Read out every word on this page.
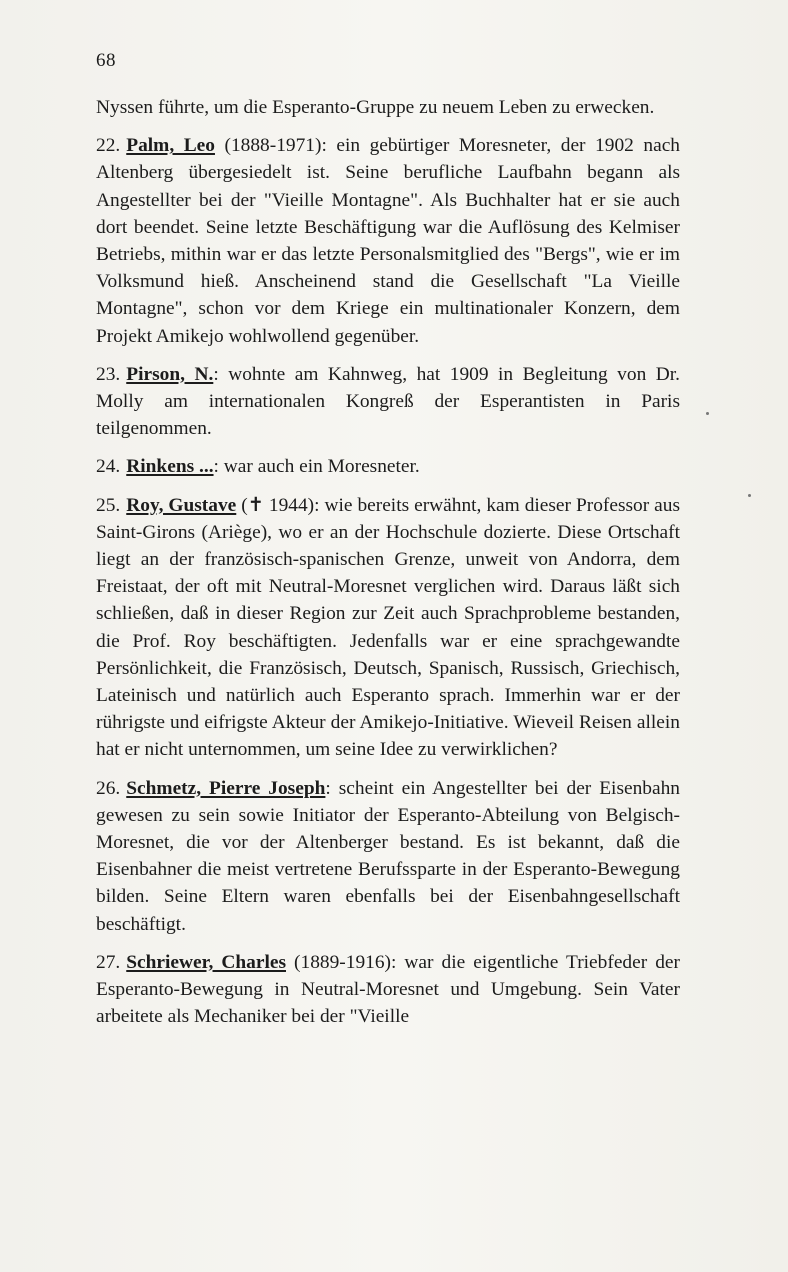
68

Nyssen führte, um die Esperanto-Gruppe zu neuem Leben zu erwecken.

22. Palm, Leo (1888-1971): ein gebürtiger Moresneter, der 1902 nach Altenberg übergesiedelt ist. Seine berufliche Laufbahn begann als Angestellter bei der "Vieille Montagne". Als Buchhalter hat er sie auch dort beendet. Seine letzte Beschäftigung war die Auflösung des Kelmiser Betriebs, mithin war er das letzte Personalsmitglied des "Bergs", wie er im Volksmund hieß. Anscheinend stand die Gesellschaft "La Vieille Montagne", schon vor dem Kriege ein multinationaler Konzern, dem Projekt Amikejo wohlwollend gegenüber.

23. Pirson, N.: wohnte am Kahnweg, hat 1909 in Begleitung von Dr. Molly am internationalen Kongreß der Esperantisten in Paris teilgenommen.

24. Rinkens ...: war auch ein Moresneter.

25. Roy, Gustave (✝ 1944): wie bereits erwähnt, kam dieser Professor aus Saint-Girons (Ariège), wo er an der Hochschule dozierte. Diese Ortschaft liegt an der französisch-spanischen Grenze, unweit von Andorra, dem Freistaat, der oft mit Neutral-Moresnet verglichen wird. Daraus läßt sich schließen, daß in dieser Region zur Zeit auch Sprachprobleme bestanden, die Prof. Roy beschäftigten. Jedenfalls war er eine sprachgewandte Persönlichkeit, die Französisch, Deutsch, Spanisch, Russisch, Griechisch, Lateinisch und natürlich auch Esperanto sprach. Immerhin war er der rührigste und eifrigste Akteur der Amikejo-Initiative. Wieveil Reisen allein hat er nicht unternommen, um seine Idee zu verwirklichen?

26. Schmetz, Pierre Joseph: scheint ein Angestellter bei der Eisenbahn gewesen zu sein sowie Initiator der Esperanto-Abteilung von Belgisch-Moresnet, die vor der Altenberger bestand. Es ist bekannt, daß die Eisenbahner die meist vertretene Berufssparte in der Esperanto-Bewegung bilden. Seine Eltern waren ebenfalls bei der Eisenbahngesellschaft beschäftigt.

27. Schriewer, Charles (1889-1916): war die eigentliche Triebfeder der Esperanto-Bewegung in Neutral-Moresnet und Umgebung. Sein Vater arbeitete als Mechaniker bei der "Vieille
